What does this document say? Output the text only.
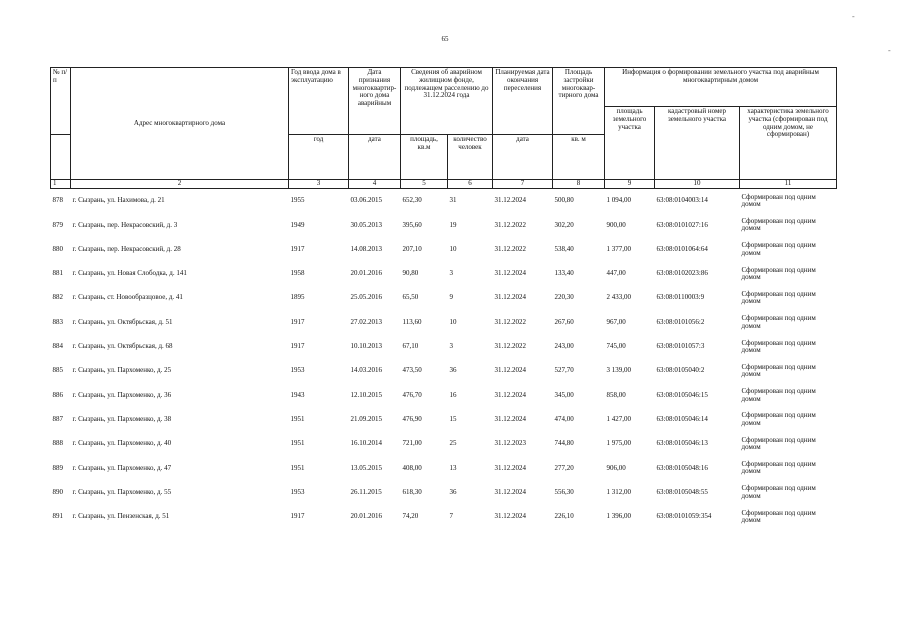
-
-
65
№ п/п	Адрес многоквартирного дома	Год ввода дома в эксплуатацию	Дата признания многоквартир-ного дома аварийным	Сведения об аварийном жилищном фонде, подлежащем расселению до 31.12.2024 года		Планируемая дата окончания переселения	Площадь застройки многоквар-тирного дома	Информация о формировании земельного участка под аварийным многоквартирным домом		
								площадь земельного участка	кадастровый номер земельного участка	характеристика земельного участка (сформирован под одним домом, не сформирован)
		год	дата	площадь, кв.м	количество человек	дата	кв. м			
1	2	3	4	5	6	7	8	9	10	11
878	г. Сызрань, ул. Нахимова, д. 21	1955	03.06.2015	652,30	31	31.12.2024	500,80	1 094,00	63:08:0104003:14	Сформирован под одним домом
879	г. Сызрань, пер. Некрасовский, д. 3	1949	30.05.2013	395,60	19	31.12.2022	302,20	900,00	63:08:0101027:16	Сформирован под одним домом
880	г. Сызрань, пер. Некрасовский, д. 28	1917	14.08.2013	207,10	10	31.12.2022	538,40	1 377,00	63:08:0101064:64	Сформирован под одним домом
881	г. Сызрань, ул. Новая Слободка, д. 141	1958	20.01.2016	90,80	3	31.12.2024	133,40	447,00	63:08:0102023:86	Сформирован под одним домом
882	г. Сызрань, ст. Новообразцовое, д. 41	1895	25.05.2016	65,50	9	31.12.2024	220,30	2 433,00	63:08:0110003:9	Сформирован под одним домом
883	г. Сызрань, ул. Октябрьская, д. 51	1917	27.02.2013	113,60	10	31.12.2022	267,60	967,00	63:08:0101056:2	Сформирован под одним домом
884	г. Сызрань, ул. Октябрьская, д. 68	1917	10.10.2013	67,10	3	31.12.2022	243,00	745,00	63:08:0101057:3	Сформирован под одним домом
885	г. Сызрань, ул. Пархоменко, д. 25	1953	14.03.2016	473,50	36	31.12.2024	527,70	3 139,00	63:08:0105040:2	Сформирован под одним домом
886	г. Сызрань, ул. Пархоменко, д. 36	1943	12.10.2015	476,70	16	31.12.2024	345,00	858,00	63:08:0105046:15	Сформирован под одним домом
887	г. Сызрань, ул. Пархоменко, д. 38	1951	21.09.2015	476,90	15	31.12.2024	474,00	1 427,00	63:08:0105046:14	Сформирован под одним домом
888	г. Сызрань, ул. Пархоменко, д. 40	1951	16.10.2014	721,00	25	31.12.2023	744,80	1 975,00	63:08:0105046:13	Сформирован под одним домом
889	г. Сызрань, ул. Пархоменко, д. 47	1951	13.05.2015	408,00	13	31.12.2024	277,20	906,00	63:08:0105048:16	Сформирован под одним домом
890	г. Сызрань, ул. Пархоменко, д. 55	1953	26.11.2015	618,30	36	31.12.2024	556,30	1 312,00	63:08:0105048:55	Сформирован под одним домом
891	г. Сызрань, ул. Пензенская, д. 51	1917	20.01.2016	74,20	7	31.12.2024	226,10	1 396,00	63:08:0101059:354	Сформирован под одним домом
